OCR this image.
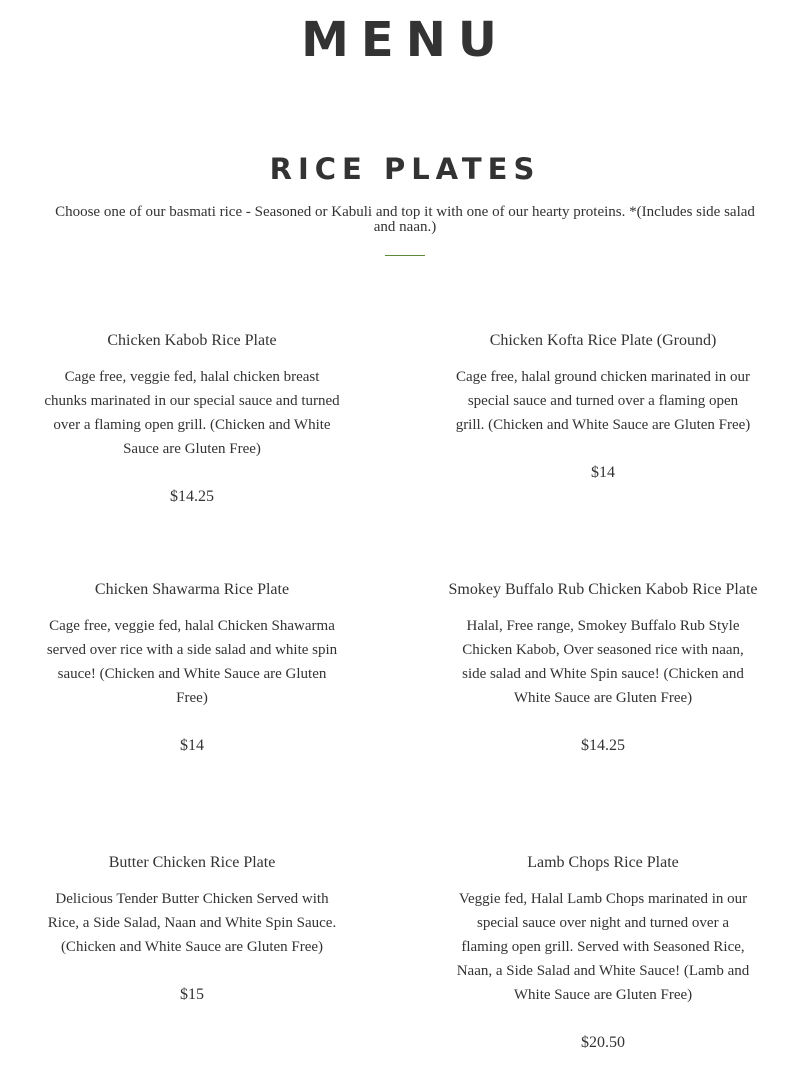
MENU
RICE PLATES

Choose one of our basmati rice - Seasoned or Kabuli and top it with one of our hearty proteins. *(Includes side salad and naan.)

Chicken Kabob Rice Plate
Cage free, veggie fed, halal chicken breast chunks marinated in our special sauce and turned over a flaming open grill. (Chicken and White Sauce are Gluten Free)
$14.25
Chicken Kofta Rice Plate (Ground)
Cage free, halal ground chicken marinated in our special sauce and turned over a flaming open grill. (Chicken and White Sauce are Gluten Free)
$14
Chicken Shawarma Rice Plate
Cage free, veggie fed, halal Chicken Shawarma served over rice with a side salad and white spin sauce! (Chicken and White Sauce are Gluten Free)
$14
Smokey Buffalo Rub Chicken Kabob Rice Plate
Halal, Free range, Smokey Buffalo Rub Style Chicken Kabob, Over seasoned rice with naan, side salad and White Spin sauce! (Chicken and White Sauce are Gluten Free)
$14.25
Butter Chicken Rice Plate
Delicious Tender Butter Chicken Served with Rice, a Side Salad, Naan and White Spin Sauce. (Chicken and White Sauce are Gluten Free)
$15
Lamb Chops Rice Plate
Veggie fed, Halal Lamb Chops marinated in our special sauce over night and turned over a flaming open grill. Served with Seasoned Rice, Naan, a Side Salad and White Sauce! (Lamb and White Sauce are Gluten Free)
$20.50
